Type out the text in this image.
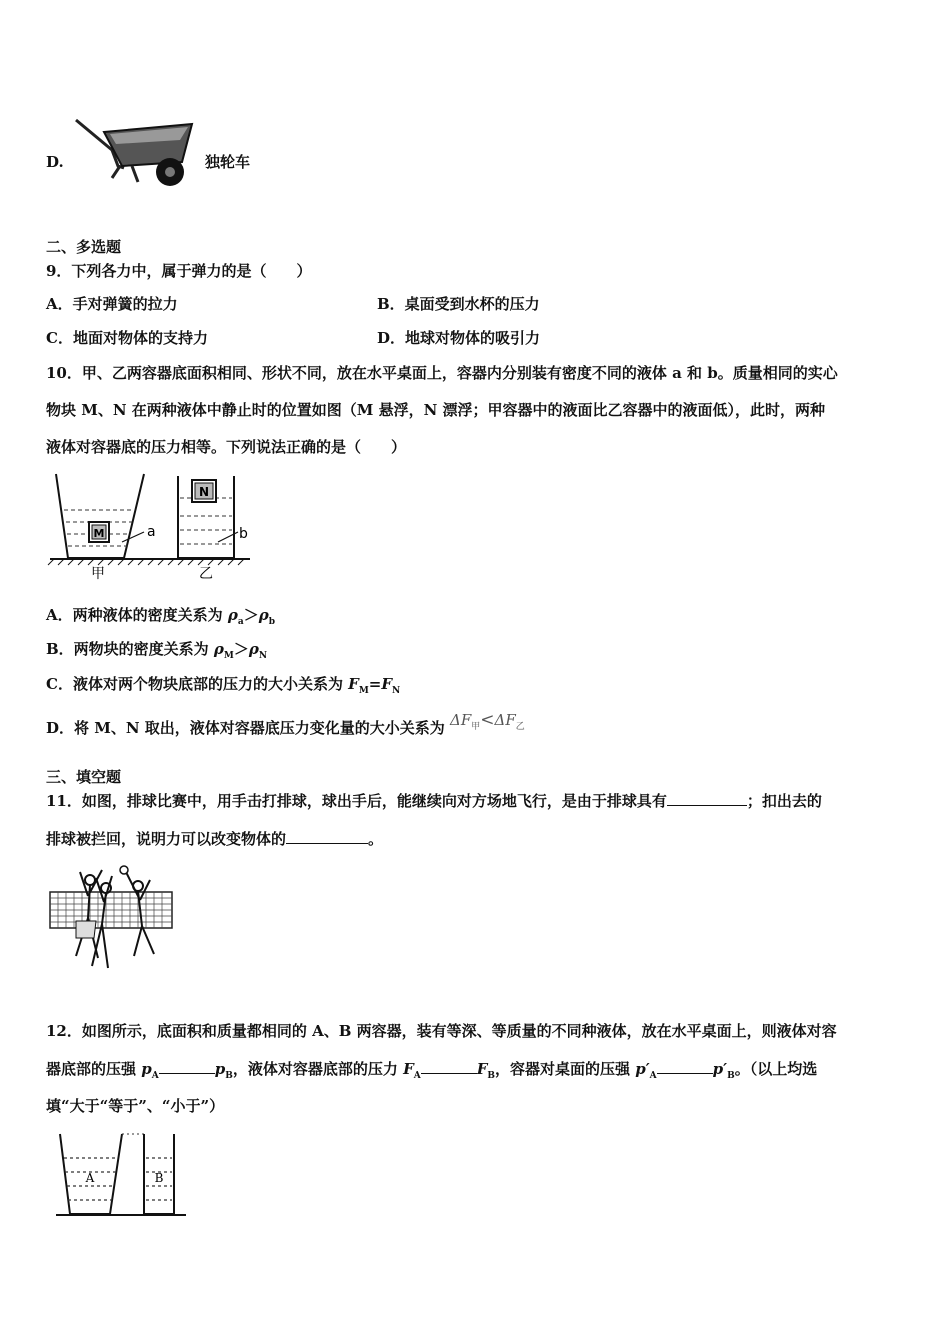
D.	独轮车
二、多选题
9．下列各力中，属于弹力的是（　　）
A．手对弹簧的拉力	B．桌面受到水杯的压力
C．地面对物体的支持力	D．地球对物体的吸引力
10．甲、乙两容器底面积相同、形状不同，放在水平桌面上，容器内分别装有密度不同的液体 a 和 b。质量相同的实心
物块 M、N 在两种液体中静止时的位置如图（M 悬浮，N 漂浮；甲容器中的液面比乙容器中的液面低），此时，两种
液体对容器底的压力相等。下列说法正确的是（　　）
M	a
N
b
甲	乙
A．两种液体的密度关系为 $\rho_a>\rho_b$
B．两物块的密度关系为 $\rho_M>\rho_N$
C．液体对两个物块底部的压力的大小关系为 $F_M=F_N$
D．将 M、N 取出，液体对容器底压力变化量的大小关系为 $\Delta F_甲<\Delta F_乙$
三、填空题
11．如图，排球比赛中，用手击打排球，球出手后，能继续向对方场地飞行，是由于排球具有	；扣出去的
排球被拦回，说明力可以改变物体的	。
12．如图所示，底面积和质量都相同的 A、B 两容器，装有等深、等质量的不同种液体，放在水平桌面上，则液体对容
器底部的压强 $p_A$	$p_B$，液体对容器底部的压力 $F_A$	$F_B$，容器对桌面的压强 $p'_A$	$p'_B$。（以上均选
填“大于“等于”、“小于”）
A	B
